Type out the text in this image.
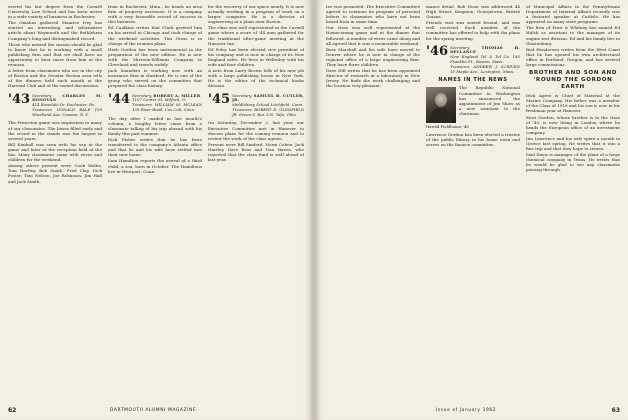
served his law degree from the Cornell University Law School and has been active in a wide variety of business in Rochester.

The Omahas gathered Maurice Ivey has started an interesting and informative article about Weymouth and the Bethlehem Company's long and distinguished record.

Those who missed the season should be glad to know that he is working with a small publishing firm and that we shall have an opportunity to hear more from him at the reunion.

A letter from classmates who are in the city of Boston and the Greater Boston area tells of the dinners held each month at the Harvard Club and of the varied discussions.

'43 Secretary,	CHARLES M. DONOVAN
414 Rosedale Dr. Rochester, Pa.
Treasurer, DONALD BALE 159 Woodland Ave. Canaan, N. Y.

The Princeton game was inspiration to many of our classmates. The buses filled early and the crowd in the stands was the largest in several years.

Bill Kimball was seen with his son at the game and later at the reception held at the Inn. Many classmates came with wives and children for the weekend.

Among others present were Cook Waltis, Tom Hartley, Bob Smith, Fred Clay, Dick Foster, Tom Nelson, Joe Robinson, Jim Hall and Jack Smith.

from in Rochester, Minn., he heads an area firm of property assessors. It is a company with a very favorable record of success in this business.

Ed Caulkins writes that Clark greeted him on his arrival in Chicago and took charge of the weekend activities. Tim Gross is in charge of the reunion plans.

Herb Gordon has been instrumental in the preparation of the new edition. He is now with the Sherwin-Williams Company in Cleveland and travels widely.

Jack Saunders is working now with an insurance firm in Hartford. He is one of the group who served on the committee that prepared the class history.

'44 Secretary, ROBERT A. MILLER
1107 Center St. Milford, O.
Treasurer, WILLIAM M. MCLEAN 109 Riser Road, Cos Cob, Conn.

The day after I mailed in last month's column, a lengthy letter came from a classmate telling of his trip abroad with his family this past summer.

Dick Fisher writes that he has been transferred to the company's Atlanta office and that he and his wife have settled into their new home.

Sam Hamilton reports the arrival of a third child, a son, born in October. The Hamiltons live in Westport, Conn.

for the recovery of our space nearly. It is now actually working in a program of work on a larger computer. He is a director of engineering at a plant near Boston.

The class was well represented at the Cornell game where a score of '44 men gathered for the traditional after-game meeting at the Hanover Inn.

Ed Foley has been elected vice president of his company and is now in charge of its New England sales. He lives in Wellesley with his wife and four children.

A note from Larry Brown tells of his new job with a large publishing house in New York. He is the editor of the technical books division.

'45 Secretary, SAMUEL B. CUTLER, JR.
Middlebury School Litchfield, Conn.
Treasurer, ROBERT D. GLENFIELD JR. Seven S. Box 130, Tafe, Ohio

On Saturday, December 2, last year, our Executive Committee met in Hanover to discuss plans for the coming reunion and to review the work of the class agents.

Present were Bill Sanford, Norm Cohen, Jack Hartley, Dave Ross and Tom Harris, who reported that the class fund is well ahead of last year.

62	DARTMOUTH ALUMNI MAGAZINE

tee was promoted. The Executive Committee agreed to continue its program of personal letters to classmates who have not been heard from in some time.

Our class was well represented at the Homecoming game and at the dinner that followed. A number of wives came along and all agreed that it was a memorable weekend.

Buzz Marshall and his wife have moved to Denver where he is now in charge of the regional office of a large engineering firm. They have three children.

Dave Hill writes that he has been appointed director of research at a laboratory in New Jersey. He finds the work challenging and the location very pleasant.

mance detail. Bob Noon was addressed 44 High Street, Kingston, Georgetown, British Guiana.

Friends visit was seated frontal, and was well received. Each member of the committee has offered to help with the plans for the spring meeting.

'46 Secretary,	THOMAS H. DELLANCE
New England Tel & Tel Co. 185 Franklin St., Boston, Mass.
Treasurer, ANDREW J. SCRIVEN 10 Maple Ave., Lexington, Mass.
NAMES IN THE NEWS

The Republic National Committee in Washington has announced the appointment of Jim Shaw as a new assistant to the chairman.

Harold Fieldhouse '46

Lawrence Gordon has been elected a trustee of the public library in his home town and serves on the finance committee.

of Municipal Affairs in the Pennsylvania Department of Internal Affairs recently was a featured speaker at Carlisle. He has appeared on many state programs.

The firm of Pratt & Whitney has named Ed Walsh as assistant to the manager of its engine test division. Ed and his family live in Glastonbury.

Bud Henderson writes from the West Coast that he has opened his own architectural office in Portland, Oregon, and has several large commissions.

BROTHER AND SON AND 'ROUND THE GORDON EARTH

Dick Agree is Chief of Material at the Marine Company. His father was a member of the Class of 1918 and his son is now in his freshman year at Hanover.

Mort Gordon, whose brother is in the class of '49, is now living in London where he heads the European office of an investment company.

Jim Lawrence and his wife spent a month in Greece last spring. He writes that it was a fine trip and that they hope to return.

Paul Davis is manager of the plant of a large chemical company in Texas. He writes that he would be glad to see any classmates passing through.

Issue of January 1962	63
